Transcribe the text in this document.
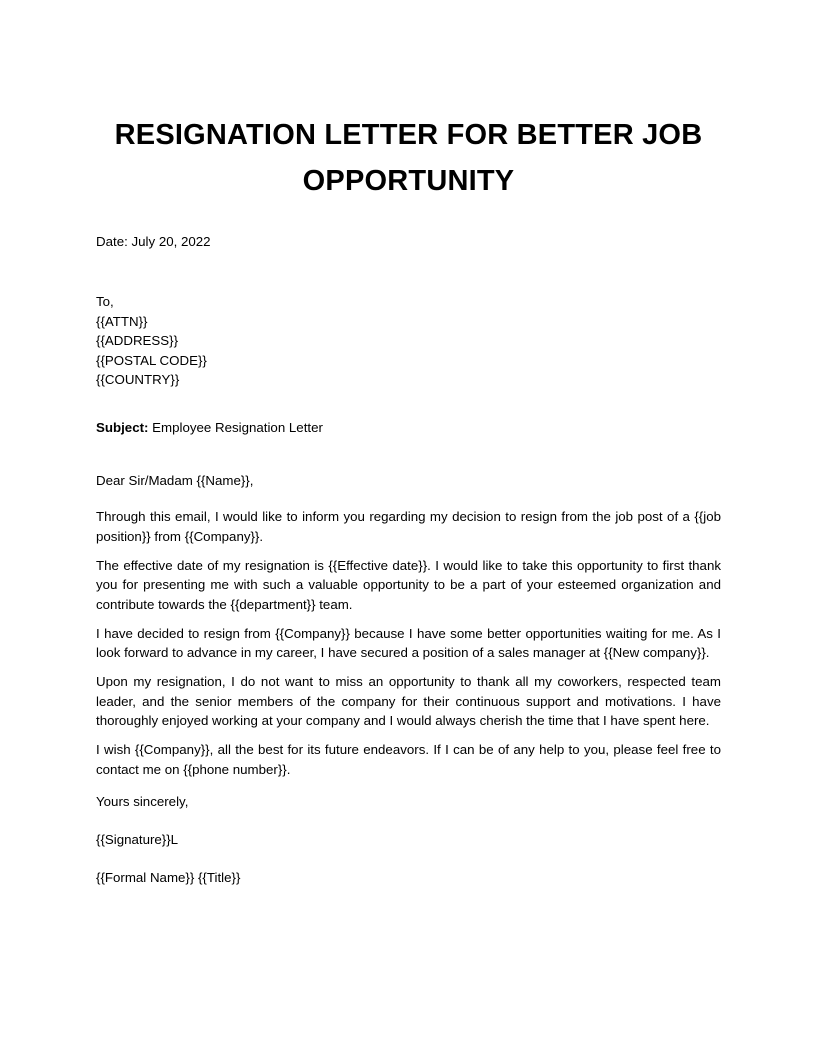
RESIGNATION LETTER FOR BETTER JOB
OPPORTUNITY
Date: July 20, 2022
To,
{{ATTN}}
{{ADDRESS}}
{{POSTAL CODE}}
{{COUNTRY}}
Subject: Employee Resignation Letter
Dear Sir/Madam {{Name}},

Through this email, I would like to inform you regarding my decision to resign from the job post of a {{job position}} from {{Company}}.

The effective date of my resignation is {{Effective date}}. I would like to take this opportunity to first thank you for presenting me with such a valuable opportunity to be a part of your esteemed organization and contribute towards the {{department}} team.

I have decided to resign from {{Company}} because I have some better opportunities waiting for me. As I look forward to advance in my career, I have secured a position of a sales manager at {{New company}}.

Upon my resignation, I do not want to miss an opportunity to thank all my coworkers, respected team leader, and the senior members of the company for their continuous support and motivations. I have thoroughly enjoyed working at your company and I would always cherish the time that I have spent here.

I wish {{Company}}, all the best for its future endeavors. If I can be of any help to you, please feel free to contact me on {{phone number}}.

Yours sincerely,
{{Signature}}L
{{Formal Name}} {{Title}}
